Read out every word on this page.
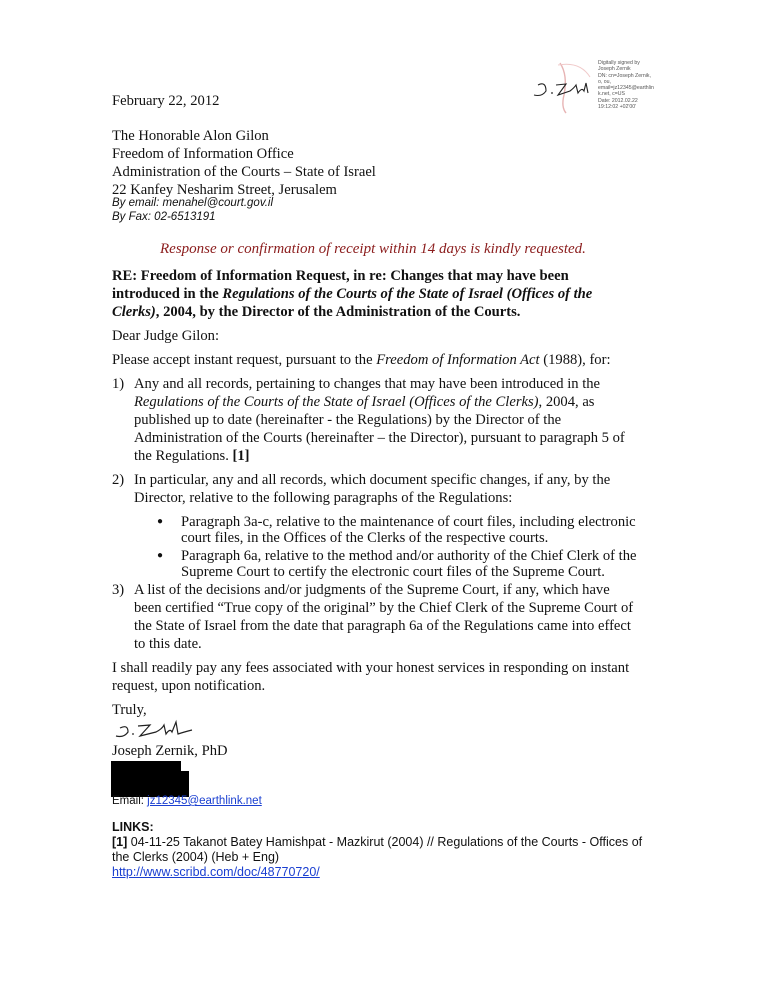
Digitally signed by
Joseph Zernik
DN: cn=Joseph Zernik,
o, ou,
email=jz12345@earthlin
k.net, c=US
Date: 2012.02.22
19:12:02 +02'00'
February 22, 2012
The Honorable Alon Gilon
Freedom of Information Office
Administration of the Courts – State of Israel
22 Kanfey Nesharim Street, Jerusalem
By email: menahel@court.gov.il
By Fax: 02-6513191
Response or confirmation of receipt within 14 days is kindly requested.
RE: Freedom of Information Request, in re: Changes that may have been
introduced in the Regulations of the Courts of the State of Israel (Offices of the
Clerks), 2004, by the Director of the Administration of the Courts.
Dear Judge Gilon:
Please accept instant request, pursuant to the Freedom of Information Act (1988), for:
1) Any and all records, pertaining to changes that may have been introduced in the
Regulations of the Courts of the State of Israel (Offices of the Clerks), 2004, as
published up to date (hereinafter - the Regulations) by the Director of the
Administration of the Courts (hereinafter – the Director), pursuant to paragraph 5 of
the Regulations. [1]
2) In particular, any and all records, which document specific changes, if any, by the
Director, relative to the following paragraphs of the Regulations:
● Paragraph 3a-c, relative to the maintenance of court files, including electronic
court files, in the Offices of the Clerks of the respective courts.
● Paragraph 6a, relative to the method and/or authority of the Chief Clerk of the
Supreme Court to certify the electronic court files of the Supreme Court.
3) A list of the decisions and/or judgments of the Supreme Court, if any, which have
been certified “True copy of the original” by the Chief Clerk of the Supreme Court of
the State of Israel from the date that paragraph 6a of the Regulations came into effect
to this date.
I shall readily pay any fees associated with your honest services in responding on instant
request, upon notification.
Truly,
Joseph Zernik, PhD
Email: jz12345@earthlink.net
LINKS:
[1] 04-11-25 Takanot Batey Hamishpat - Mazkirut (2004) // Regulations of the Courts - Offices of
the Clerks (2004) (Heb + Eng)
http://www.scribd.com/doc/48770720/
